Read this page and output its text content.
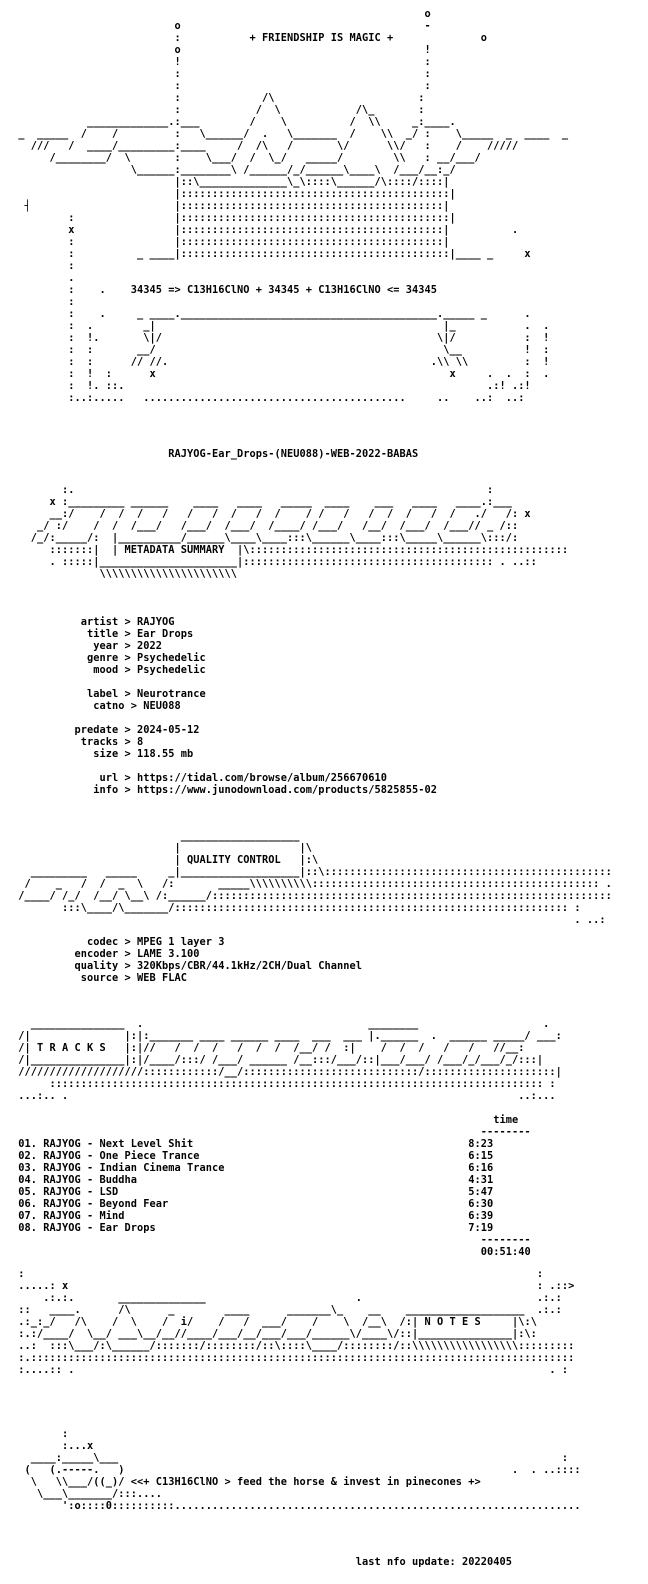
o
o                                       -
:	+ FRIENDSHIP IS MAGIC +	o
o                                       !
!                                       :
:                                       :
:                                       :
:             /\                       :
:            /  \            /\_       :
_____________.:___        /    \          /  \\     _:____.
_  _____  /    /         :   \______/  .   \_______  /    \\  _/ :    \_____  _  ____  _
///   /  ____/_________:____     /  /\   /       \/      \\/   :    /    /////
/________/  \       :    \___/  /  \_/   _____/        \\   : __/___/
\______:________\ /______/_/______\____\  /___/__:_/
|::\______________\_\::::\______/\::::/::::|
|:::::::::::::::::::::::::::::::::::::::::::|
┤                       |::::::::::::::::::::::::::::::::::::::::::|
:                |:::::::::::::::::::::::::::::::::::::::::::|
x                |::::::::::::::::::::::::::::::::::::::::::|          .
:                |::::::::::::::::::::::::::::::::::::::::::|
:          _ ____|:::::::::::::::::::::::::::::::::::::::::::|____ _     x
:
.
:    .    34345 => C13H16ClNO + 34345 + C13H16ClNO <= 34345
:
:    .     _ ____._________________________________________._____ _      .
:  .        _|                                              |_           .  .
:  !.       \|/                                            \|/           :  !
:  :       __/                                              \__          !  :
:  :      // //.                                          .\\ \\         :  !
:  !  :      x                                               x     .  .  :  .
:  !. ::.                                                          .:! .:!
:..:.....   ..........................................     ..    ..:  ..:
RAJYOG-Ear_Drops-(NEU088)-WEB-2022-BABAS
:.                                                                  :
x :_________ ______    ____   ____   _____  ____    ___   ____   ____.:___
__:/    /  /  /   /   /   /  /   /  /    / /   /   /  /  /   /  /   ./   /: x
_/ :/    /  /  /___/   /___/  /___/  /____/ /___/   /__/  /___/  /___// _ /::
/_/:_____/:  |__________/______\____\____:::\______\____:::\_____\______\:::/:
:::::::|  | METADATA SUMMARY  |\:::::::::::::::::::::::::::::::::::::::::::::::::::
. :::::|______________________|:::::::::::::::::::::::::::::::::::::::: . ..::
\\\\\\\\\\\\\\\\\\\\\\
artist > RAJYOG
title > Ear Drops
year > 2022
genre > Psychedelic
mood > Psychedelic

label > Neurotrance
catno > NEU088

predate > 2024-05-12
tracks > 8
size > 118.55 mb

url > https://tidal.com/browse/album/256670610
info > https://www.junodownload.com/products/5825855-02
___________________
|                   |\
| QUALITY CONTROL   |:\
_________   _____     _|___________________|::\::::::::::::::::::::::::::::::::::::::::::::::
/    _   /  /  _  \   /:       _____\\\\\\\\\\:::::::::::::::::::::::::::::::::::::::::::::: .
/____/ /_/  /__/ \__\ /:______/::::::::::::::::::::::::::::::::::::::::::::::::::::::::::::::::
:::\____/\_______/::::::::::::::::::::::::::::::::::::::::::::::::::::::::::::::: :
. ..:
codec > MPEG 1 layer 3
encoder > LAME 3.100
quality > 320Kbps/CBR/44.1kHz/2CH/Dual Channel
source > WEB FLAC
_______________  .                                    ________                    .
/|               |:|:_______ ____ ______ ____  ___  ___ |.______  .  ______ _____/ ___:
/| T R A C K S   |:|//   /  /  /   /  /  /  /__/ /  :|    /  /  /   /   /   //__:
/|_______________|:|/____/:::/ /___/ ______ /__:::/___/::|___/___/ /___/_/___/_/:::|
////////////////////::::::::::::/__/::::::::::::::::::::::::::::/:::::::::::::::::::::|
::::::::::::::::::::::::::::::::::::::::::::::::::::::::::::::::::::::::::::::: :
...:.. .                                                                        ..:...
time
--------
01. RAJYOG - Next Level Shit	8:23
02. RAJYOG - One Piece Trance	6:15
03. RAJYOG - Indian Cinema Trance	6:16
04. RAJYOG - Buddha	4:31
05. RAJYOG - LSD	5:47
06. RAJYOG - Beyond Fear	6:30
07. RAJYOG - Mind	6:39
08. RAJYOG - Ear Drops	7:19
--------
00:51:40
:                                                                                  :
.....: x                                                                           : .::>
.:.:.       ______________                        .                            .:.:
::   ____.      /\      _        ____      _______\_    __    ___________________  .:.:
.:_:_/   /\    /  \    /  i/    /   /  ___/    /    \  /__\  /:| N O T E S	|\:\
:.:/____/  \__/ ___\__/__//____/___/__/___/___/______\/____\/::|_______________|:\:
..:  :::\___/:\______/:::::::/::::::::/::\::::\____/::::::::/::\\\\\\\\\\\\\\\\\:::::::::
:.:::::::::::::::::::::::::::::::::::::::::::::::::::::::::::::::::::::::::::::::::::::::
:....:: .                                                                            . :
:
:...x
____:_____\___                                                                       :
(   (.-----.   )                                                              .  . ..::::
\   \\___/((_)/ <<+ C13H16ClNO > feed the horse & invest in pinecones +>
\___\_______/:::....
':o::::0::::::::::.................................................................
last nfo update: 20220405
